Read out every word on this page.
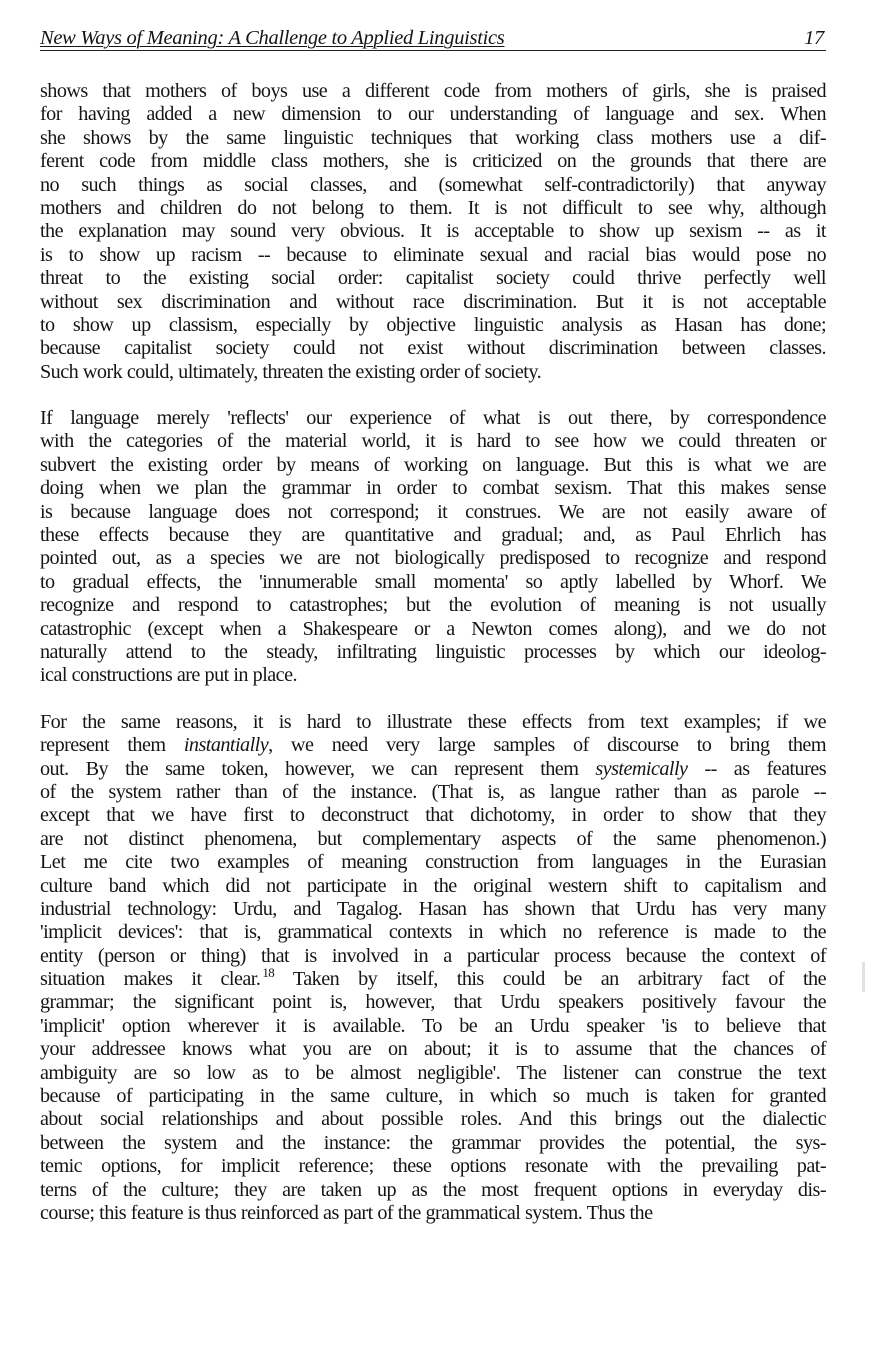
New Ways of Meaning: A Challenge to Applied Linguistics	17

shows that mothers of boys use a different code from mothers of girls, she is praised
for having added a new dimension to our understanding of language and sex. When
she shows by the same linguistic techniques that working class mothers use a dif-
ferent code from middle class mothers, she is criticized on the grounds that there are
no such things as social classes, and (somewhat self-contradictorily) that anyway
mothers and children do not belong to them. It is not difficult to see why, although
the explanation may sound very obvious. It is acceptable to show up sexism -- as it
is to show up racism -- because to eliminate sexual and racial bias would pose no
threat to the existing social order: capitalist society could thrive perfectly well
without sex discrimination and without race discrimination. But it is not acceptable
to show up classism, especially by objective linguistic analysis as Hasan has done;
because capitalist society could not exist without discrimination between classes.
Such work could, ultimately, threaten the existing order of society.

If language merely 'reflects' our experience of what is out there, by correspondence
with the categories of the material world, it is hard to see how we could threaten or
subvert the existing order by means of working on language. But this is what we are
doing when we plan the grammar in order to combat sexism. That this makes sense
is because language does not correspond; it construes. We are not easily aware of
these effects because they are quantitative and gradual; and, as Paul Ehrlich has
pointed out, as a species we are not biologically predisposed to recognize and respond
to gradual effects, the 'innumerable small momenta' so aptly labelled by Whorf. We
recognize and respond to catastrophes; but the evolution of meaning is not usually
catastrophic (except when a Shakespeare or a Newton comes along), and we do not
naturally attend to the steady, infiltrating linguistic processes by which our ideolog-
ical constructions are put in place.

For the same reasons, it is hard to illustrate these effects from text examples; if we
represent them instantially, we need very large samples of discourse to bring them
out. By the same token, however, we can represent them systemically -- as features
of the system rather than of the instance. (That is, as langue rather than as parole --
except that we have first to deconstruct that dichotomy, in order to show that they
are not distinct phenomena, but complementary aspects of the same phenomenon.)
Let me cite two examples of meaning construction from languages in the Eurasian
culture band which did not participate in the original western shift to capitalism and
industrial technology: Urdu, and Tagalog. Hasan has shown that Urdu has very many
'implicit devices': that is, grammatical contexts in which no reference is made to the
entity (person or thing) that is involved in a particular process because the context of
situation makes it clear. $^{18}$ Taken by itself, this could be an arbitrary fact of the
grammar; the significant point is, however, that Urdu speakers positively favour the
'implicit' option wherever it is available. To be an Urdu speaker 'is to believe that
your addressee knows what you are on about; it is to assume that the chances of
ambiguity are so low as to be almost negligible'. The listener can construe the text
because of participating in the same culture, in which so much is taken for granted
about social relationships and about possible roles. And this brings out the dialectic
between the system and the instance: the grammar provides the potential, the sys-
temic options, for implicit reference; these options resonate with the prevailing pat-
terns of the culture; they are taken up as the most frequent options in everyday dis-
course; this feature is thus reinforced as part of the grammatical system. Thus the
